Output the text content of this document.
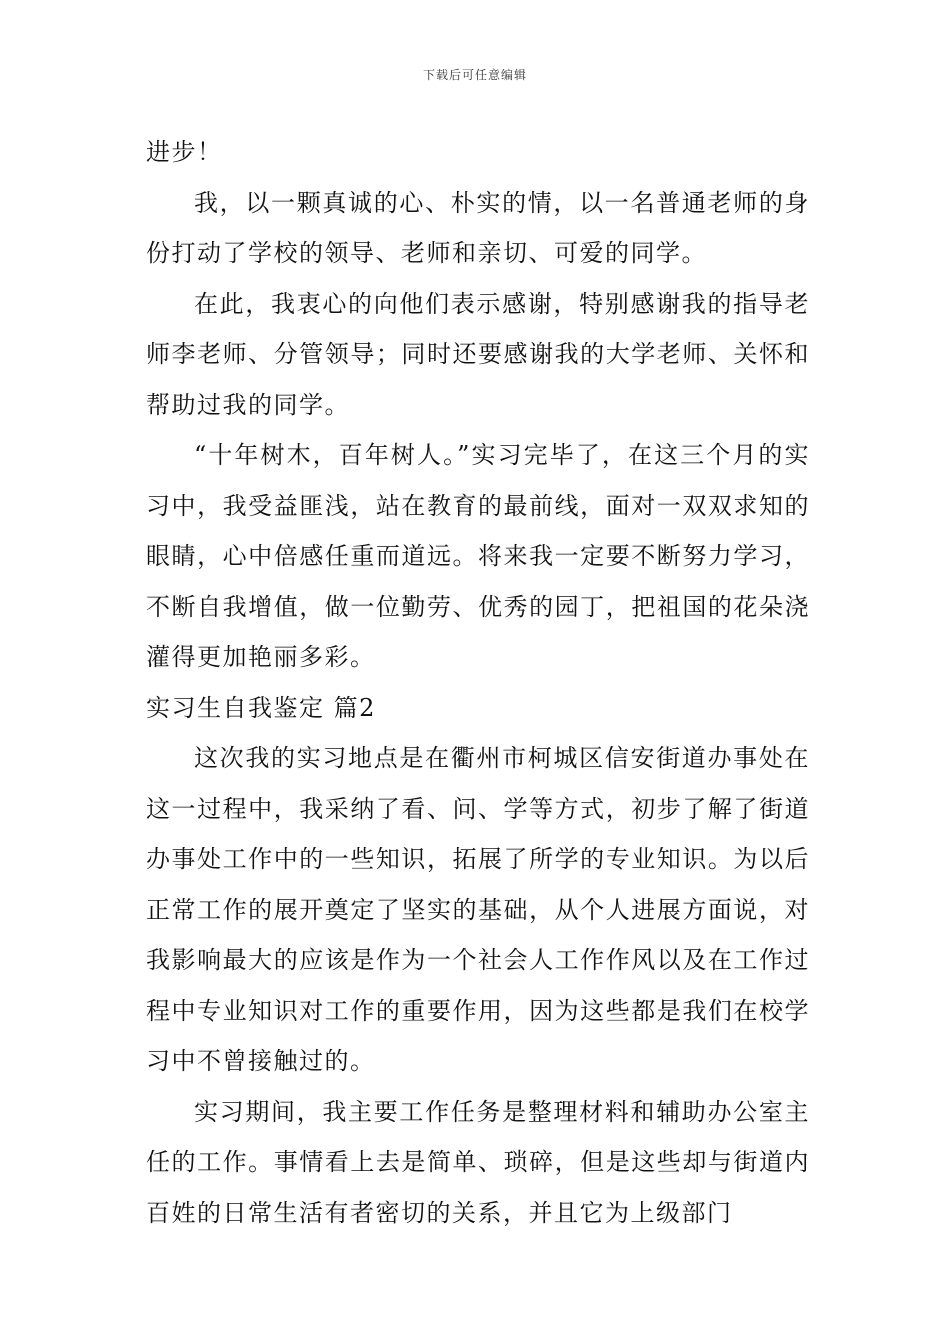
下载后可任意编辑

进步！

我，以一颗真诚的心、朴实的情，以一名普通老师的身份打动了学校的领导、老师和亲切、可爱的同学。

在此，我衷心的向他们表示感谢，特别感谢我的指导老师李老师、分管领导；同时还要感谢我的大学老师、关怀和帮助过我的同学。

“十年树木，百年树人。”实习完毕了，在这三个月的实习中，我受益匪浅，站在教育的最前线，面对一双双求知的眼睛，心中倍感任重而道远。将来我一定要不断努力学习，不断自我增值，做一位勤劳、优秀的园丁，把祖国的花朵浇灌得更加艳丽多彩。

实习生自我鉴定 篇2

这次我的实习地点是在衢州市柯城区信安街道办事处在这一过程中，我采纳了看、问、学等方式，初步了解了街道办事处工作中的一些知识，拓展了所学的专业知识。为以后正常工作的展开奠定了坚实的基础，从个人进展方面说，对我影响最大的应该是作为一个社会人工作作风以及在工作过程中专业知识对工作的重要作用，因为这些都是我们在校学习中不曾接触过的。

实习期间，我主要工作任务是整理材料和辅助办公室主任的工作。事情看上去是简单、琐碎，但是这些却与街道内百姓的日常生活有者密切的关系，并且它为上级部门
